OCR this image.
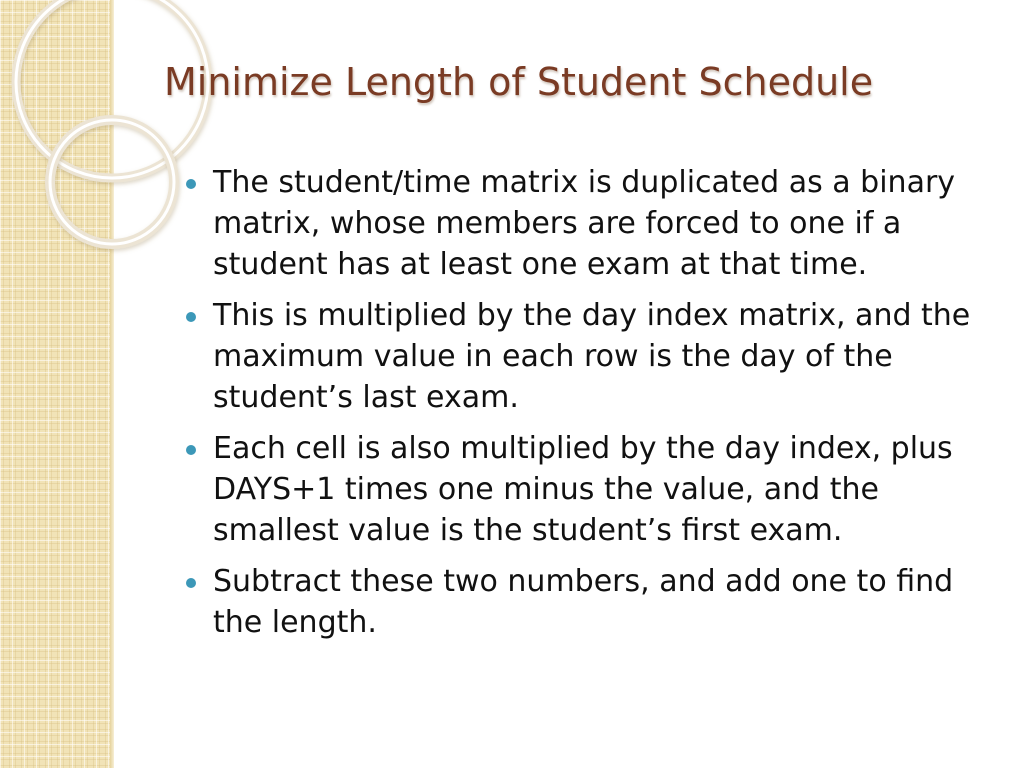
Minimize Length of Student Schedule
The student/time matrix is duplicated as a binary matrix, whose members are forced to one if a student has at least one exam at that time.
This is multiplied by the day index matrix, and the maximum value in each row is the day of the student’s last exam.
Each cell is also multiplied by the day index, plus DAYS+1 times one minus the value, and the smallest value is the student’s first exam.
Subtract these two numbers, and add one to find the length.
